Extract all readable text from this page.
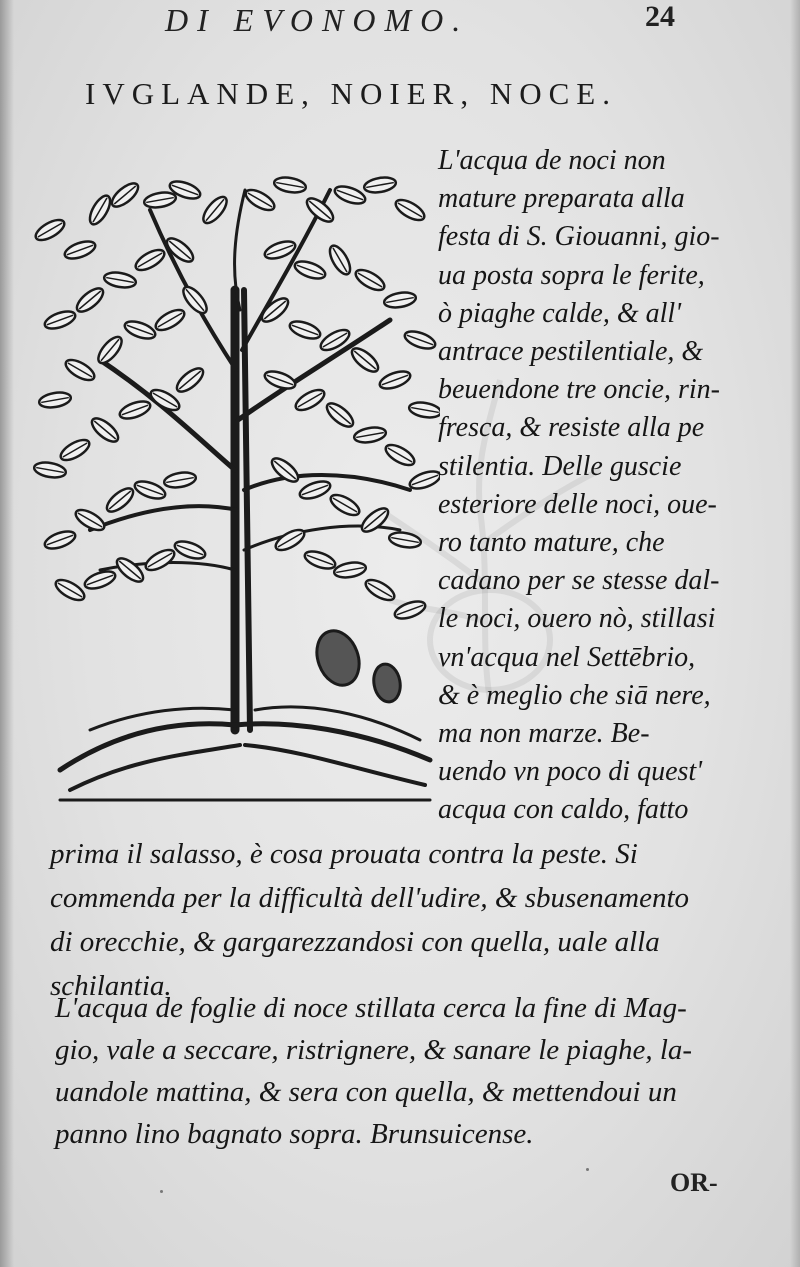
DI EVONOMO.	24
IVGLANDE, NOIER, NOCE.
L'acqua de noci non
mature preparata alla
festa di S. Giouanni, gio-
ua posta sopra le ferite,
ò piaghe calde, & all'
antrace pestilentiale, &
beuendone tre oncie, rin-
fresca, & resiste alla pe
stilentia. Delle guscie
esteriore delle noci, oue-
ro tanto mature, che
cadano per se stesse dal-
le noci, ouero nò, stillasi
vn'acqua nel Settēbrio,
& è meglio che siā nere,
ma non marze. Be-
uendo vn poco di quest'
acqua con caldo, fatto
prima il salasso, è cosa prouata contra la peste. Si
commenda per la difficultà dell'udire, & sbusenamento
di orecchie, & gargarezzandosi con quella, uale alla
schilantia.
L'acqua de foglie di noce stillata cerca la fine di Mag-
gio, vale a seccare, ristrignere, & sanare le piaghe, la-
uandole mattina, & sera con quella, & mettendoui un
panno lino bagnato sopra. Brunsuicense.
OR-
